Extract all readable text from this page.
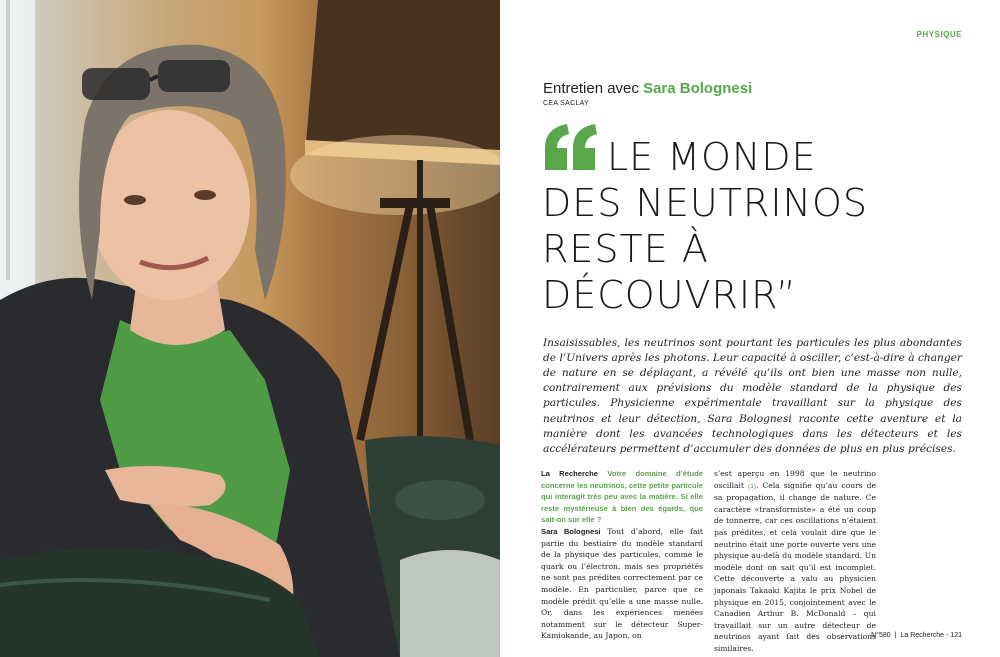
PHYSIQUE
Entretien avec Sara Bolognesi
CEA SACLAY
LE MONDE
DES NEUTRINOS
RESTE À
DÉCOUVRIR”

Insaisissables, les neutrinos sont pourtant les particules les plus abondantes de l’Univers après les photons. Leur capacité à osciller, c’est-à-dire à changer de nature en se déplaçant, a révélé qu’ils ont bien une masse non nulle, contrairement aux prévisions du modèle standard de la physique des particules. Physicienne expérimentale travaillant sur la physique des neutrinos et leur détection, Sara Bolognesi raconte cette aventure et la manière dont les avancées technologiques dans les détecteurs et les accélérateurs permettent d’accumuler des données de plus en plus précises.

La Recherche Votre domaine d’étude concerne les neutrinos, cette petite particule qui interagit très peu avec la matière. Si elle reste mystérieuse à bien des égards, que sait-on sur elle ?
Sara Bolognesi Tout d’abord, elle fait partie du bestiaire du modèle standard de la physique des particules, comme le quark ou l’électron, mais ses propriétés ne sont pas prédites correctement par ce modèle. En particulier, parce que ce modèle prédit qu’elle a une masse nulle. Or, dans les expériences menées notamment sur le détecteur Super-Kamiokande, au Japon, on
s’est aperçu en 1998 que le neutrino oscillait (1). Cela signifie qu’au cours de sa propagation, il change de nature. Ce caractère «transformiste» a été un coup de tonnerre, car ces oscillations n’étaient pas prédites, et cela voulait dire que le neutrino était une porte ouverte vers une physique au-delà du modèle standard. Un modèle dont on sait qu’il est incomplet. Cette découverte a valu au physicien japonais Takaaki Kajita le prix Nobel de physique en 2015, conjointement avec le Canadien Arthur B. McDonald – qui travaillait sur un autre détecteur de neutrinos ayant fait des observations similaires.
N°580 | La Recherche - 121
